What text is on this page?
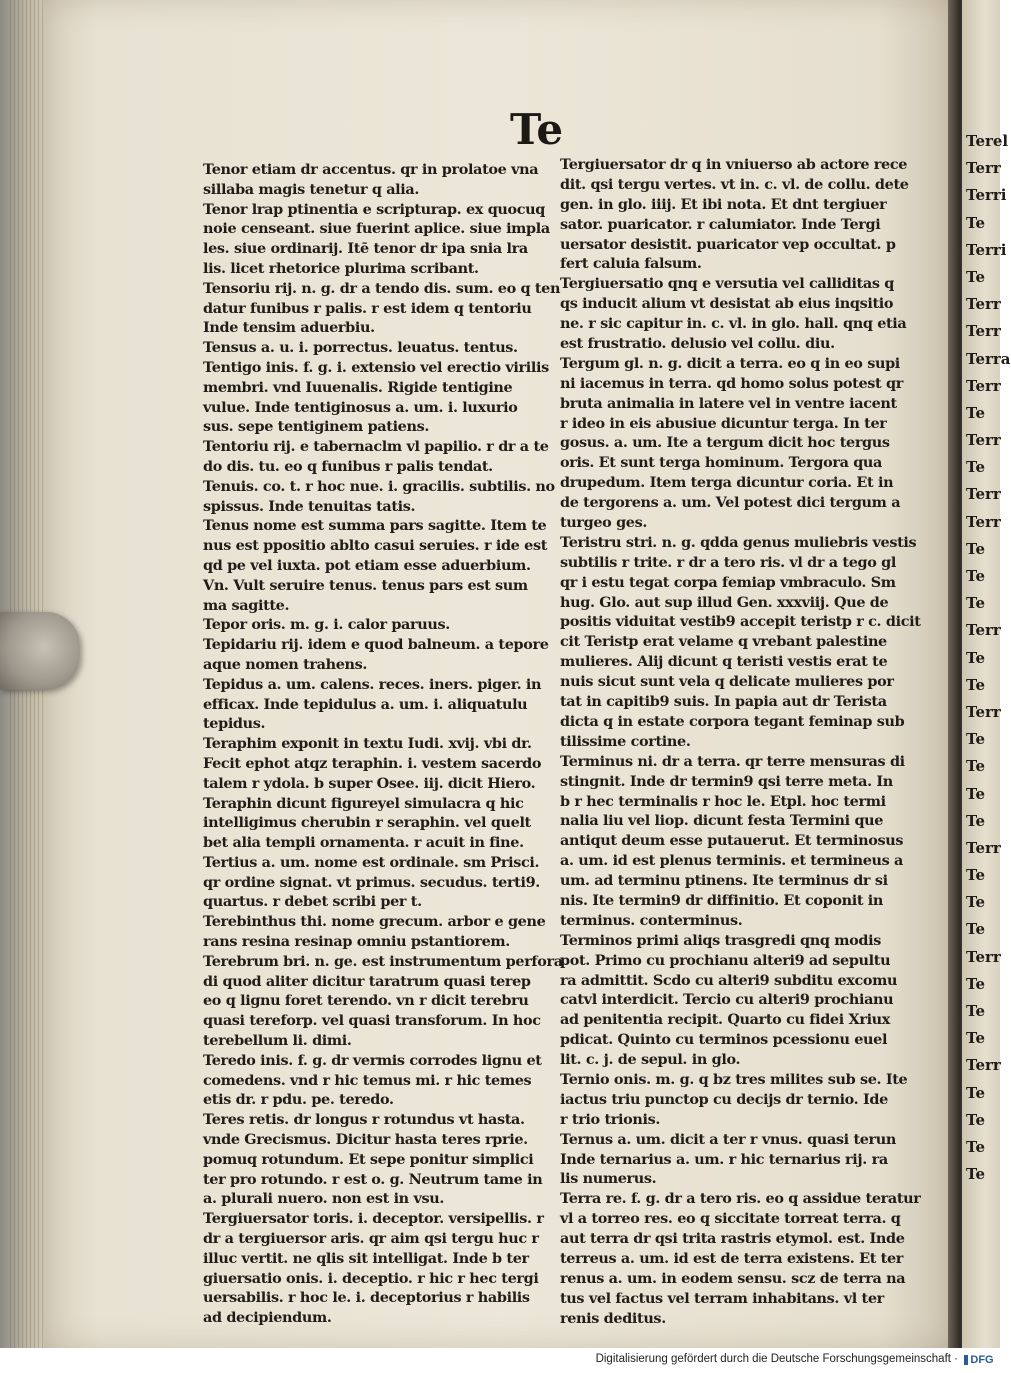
Terel
Terr
Terri
Te
Terri
Te
Terr
Terr
Terra
Terr
Te
Terr
Te
Terr
Terr
Te
Te
Te
Terr
Te
Te
Terr
Te
Te
Te
Te
Terr
Te
Te
Te
Terr
Te
Te
Te
Terr
Te
Te
Te
Te
Te
Tenor etiam dr accentus. qr in prolatoe vna
sillaba magis tenetur q alia.
Tenor lrap ptinentia e scripturap. ex quocuq
noie censeant. siue fuerint aplice. siue impla
les. siue ordinarij. Itē tenor dr ipa snia lra
lis. licet rhetorice plurima scribant.
Tensoriu rij. n. g. dr a tendo dis. sum. eo q ten
datur funibus r palis. r est idem q tentoriu
Inde tensim aduerbiu.
Tensus a. u. i. porrectus. leuatus. tentus.
Tentigo inis. f. g. i. extensio vel erectio virilis
membri. vnd Iuuenalis. Rigide tentigine
vulue. Inde tentiginosus a. um. i. luxurio
sus. sepe tentiginem patiens.
Tentoriu rij. e tabernaclm vl papilio. r dr a te
do dis. tu. eo q funibus r palis tendat.
Tenuis. co. t. r hoc nue. i. gracilis. subtilis. no
spissus. Inde tenuitas tatis.
Tenus nome est summa pars sagitte. Item te
nus est ppositio ablto casui seruies. r ide est
qd pe vel iuxta. pot etiam esse aduerbium.
Vn. Vult seruire tenus. tenus pars est sum
ma sagitte.
Tepor oris. m. g. i. calor paruus.
Tepidariu rij. idem e quod balneum. a tepore
aque nomen trahens.
Tepidus a. um. calens. reces. iners. piger. in
efficax. Inde tepidulus a. um. i. aliquatulu
tepidus.
Teraphim exponit in textu Iudi. xvij. vbi dr.
Fecit ephot atqz teraphin. i. vestem sacerdo
talem r ydola. b super Osee. iij. dicit Hiero.
Teraphin dicunt figureyel simulacra q hic
intelligimus cherubin r seraphin. vel quelt
bet alia templi ornamenta. r acuit in fine.
Tertius a. um. nome est ordinale. sm Prisci.
qr ordine signat. vt primus. secudus. terti9.
quartus. r debet scribi per t.
Terebinthus thi. nome grecum. arbor e gene
rans resina resinap omniu pstantiorem.
Terebrum bri. n. ge. est instrumentum perfora
di quod aliter dicitur taratrum quasi terep
eo q lignu foret terendo. vn r dicit terebru
quasi tereforp. vel quasi transforum. In hoc
terebellum li. dimi.
Teredo inis. f. g. dr vermis corrodes lignu et
comedens. vnd r hic temus mi. r hic temes
etis dr. r pdu. pe. teredo.
Teres retis. dr longus r rotundus vt hasta.
vnde Grecismus. Dicitur hasta teres rprie.
pomuq rotundum. Et sepe ponitur simplici
ter pro rotundo. r est o. g. Neutrum tame in
a. plurali nuero. non est in vsu.
Tergiuersator toris. i. deceptor. versipellis. r
dr a tergiuersor aris. qr aim qsi tergu huc r
illuc vertit. ne qlis sit intelligat. Inde b ter
giuersatio onis. i. deceptio. r hic r hec tergi
uersabilis. r hoc le. i. deceptorius r habilis
ad decipiendum.
Tergiuersator dr q in vniuerso ab actore rece
dit. qsi tergu vertes. vt in. c. vl. de collu. dete
gen. in glo. iiij. Et ibi nota. Et dnt tergiuer
sator. puaricator. r calumiator. Inde Tergi
uersator desistit. puaricator vep occultat. p
fert caluia falsum.
Tergiuersatio qnq e versutia vel calliditas q
qs inducit alium vt desistat ab eius inqsitio
ne. r sic capitur in. c. vl. in glo. hall. qnq etia
est frustratio. delusio vel collu. diu.
Tergum gl. n. g. dicit a terra. eo q in eo supi
ni iacemus in terra. qd homo solus potest qr
bruta animalia in latere vel in ventre iacent
r ideo in eis abusiue dicuntur terga. In ter
gosus. a. um. Ite a tergum dicit hoc tergus
oris. Et sunt terga hominum. Tergora qua
drupedum. Item terga dicuntur coria. Et in
de tergorens a. um. Vel potest dici tergum a
turgeo ges.
Teristru stri. n. g. qdda genus muliebris vestis
subtilis r trite. r dr a tero ris. vl dr a tego gl
qr i estu tegat corpa femiap vmbraculo. Sm
hug. Glo. aut sup illud Gen. xxxviij. Que de
positis viduitat vestib9 accepit teristp r c. dicit
cit Teristp erat velame q vrebant palestine
mulieres. Alij dicunt q teristi vestis erat te
nuis sicut sunt vela q delicate mulieres por
tat in capitib9 suis. In papia aut dr Terista
dicta q in estate corpora tegant feminap sub
tilissime cortine.
Terminus ni. dr a terra. qr terre mensuras di
stingnit. Inde dr termin9 qsi terre meta. In
b r hec terminalis r hoc le. Etpl. hoc termi
nalia liu vel liop. dicunt festa Termini que
antiqut deum esse putauerut. Et terminosus
a. um. id est plenus terminis. et termineus a
um. ad terminu ptinens. Ite terminus dr si
nis. Ite termin9 dr diffinitio. Et coponit in
terminus. conterminus.
Terminos primi aliqs trasgredi qnq modis
pot. Primo cu prochianu alteri9 ad sepultu
ra admittit. Scdo cu alteri9 subditu excomu
catvl interdicit. Tercio cu alteri9 prochianu
ad penitentia recipit. Quarto cu fidei Xriux
pdicat. Quinto cu terminos pcessionu euel
lit. c. j. de sepul. in glo.
Ternio onis. m. g. q bz tres milites sub se. Ite
iactus triu punctop cu decijs dr ternio. Ide
r trio trionis.
Ternus a. um. dicit a ter r vnus. quasi terun
Inde ternarius a. um. r hic ternarius rij. ra
lis numerus.
Terra re. f. g. dr a tero ris. eo q assidue teratur
vl a torreo res. eo q siccitate torreat terra. q
aut terra dr qsi trita rastris etymol. est. Inde
terreus a. um. id est de terra existens. Et ter
renus a. um. in eodem sensu. scz de terra na
tus vel factus vel terram inhabitans. vl ter
renis deditus.
Digitalisierung gefördert durch die Deutsche Forschungsgemeinschaft ·	DFG
